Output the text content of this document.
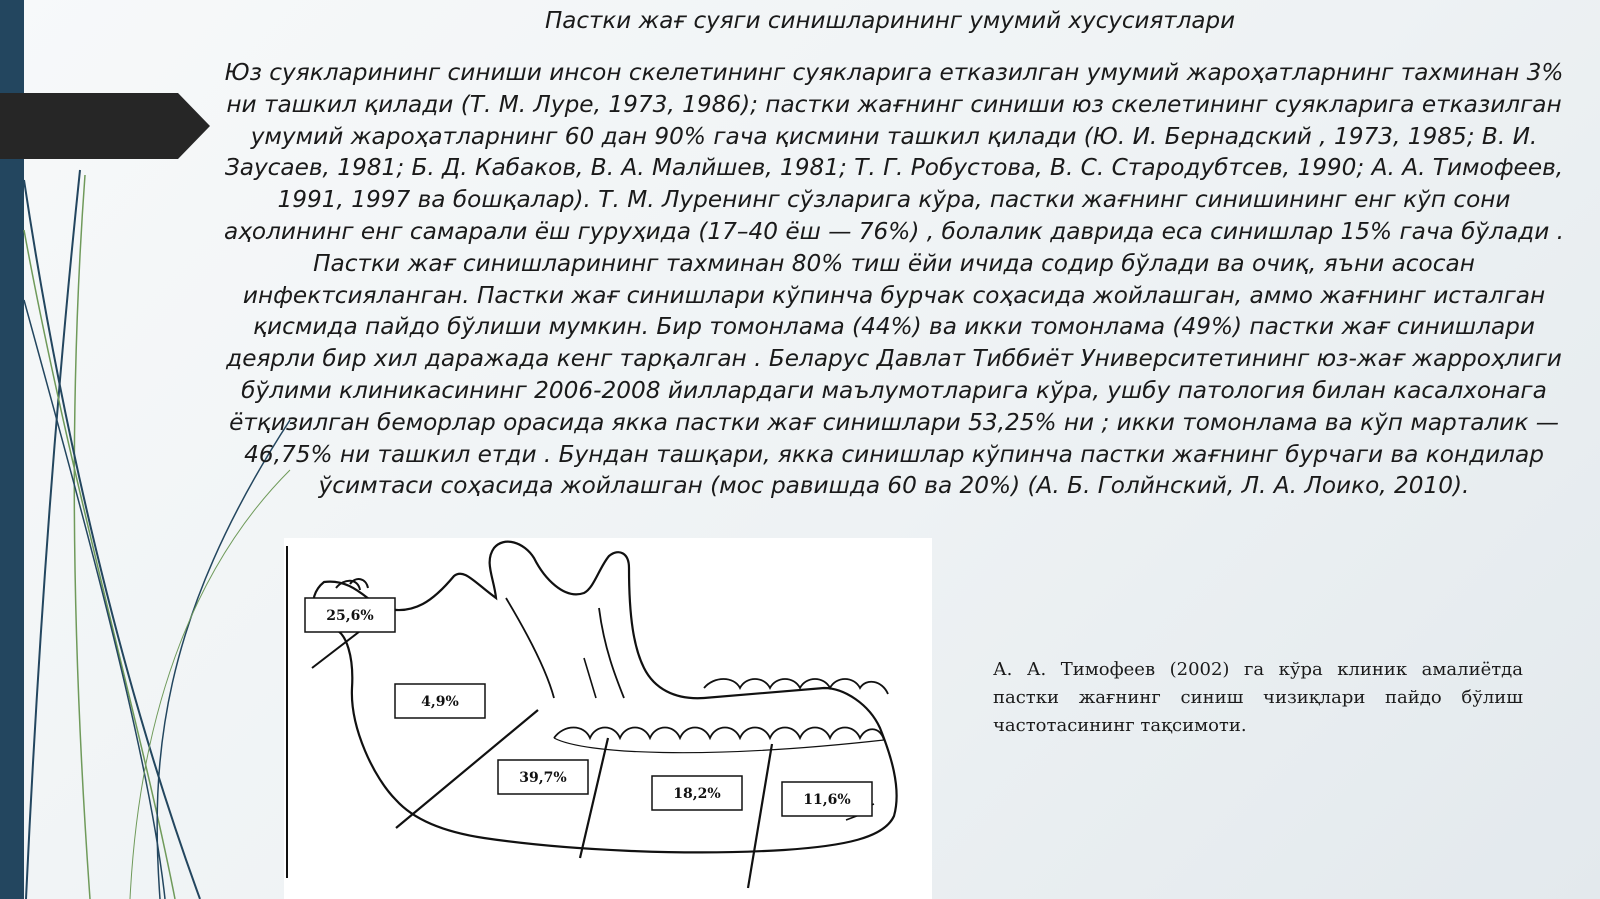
Пастки жағ суяги синишларининг умумий хусусиятлари
Юз суякларининг синиши инсон скелетининг суякларига етказилган умумий жароҳатларнинг тахминан 3% ни ташкил қилади (Т. М. Луре, 1973, 1986); пастки жағнинг синиши юз скелетининг суякларига етказилган умумий жароҳатларнинг 60 дан 90% гача қисмини ташкил қилади (Ю. И. Бернадский , 1973, 1985; В. И. Заусаев, 1981; Б. Д. Кабаков, В. А. Малйшев, 1981; Т. Г. Робустова, В. С. Стародубтсев, 1990; А. А. Тимофеев, 1991, 1997 ва бошқалар). Т. М. Луренинг сўзларига кўра, пастки жағнинг синишининг енг кўп сони аҳолининг енг самарали ёш гуруҳида (17–40 ёш — 76%) , болалик даврида еса синишлар 15% гача бўлади . Пастки жағ синишларининг тахминан 80% тиш ёйи ичида содир бўлади ва очиқ, яъни асосан инфектсияланган. Пастки жағ синишлари кўпинча бурчак соҳасида жойлашган, аммо жағнинг исталган қисмида пайдо бўлиши мумкин. Бир томонлама (44%) ва икки томонлама (49%) пастки жағ синишлари деярли бир хил даражада кенг тарқалган . Беларус Давлат Тиббиёт Университетининг юз-жағ жарроҳлиги бўлими клиникасининг 2006-2008 йиллардаги маълумотларига кўра, ушбу патология билан касалхонага ётқизилган беморлар орасида якка пастки жағ синишлари 53,25% ни ; икки томонлама ва кўп марталик — 46,75% ни ташкил етди . Бундан ташқари, якка синишлар кўпинча пастки жағнинг бурчаги ва кондилар ўсимтаси соҳасида жойлашган (мос равишда 60 ва 20%) (А. Б. Голйнский, Л. А. Лоико, 2010).
25,6%
4,9%
39,7%
18,2%	11,6%
А. А. Тимофеев (2002) га кўра клиник амалиётда пастки жағнинг синиш чизиқлари пайдо бўлиш частотасининг тақсимоти.
